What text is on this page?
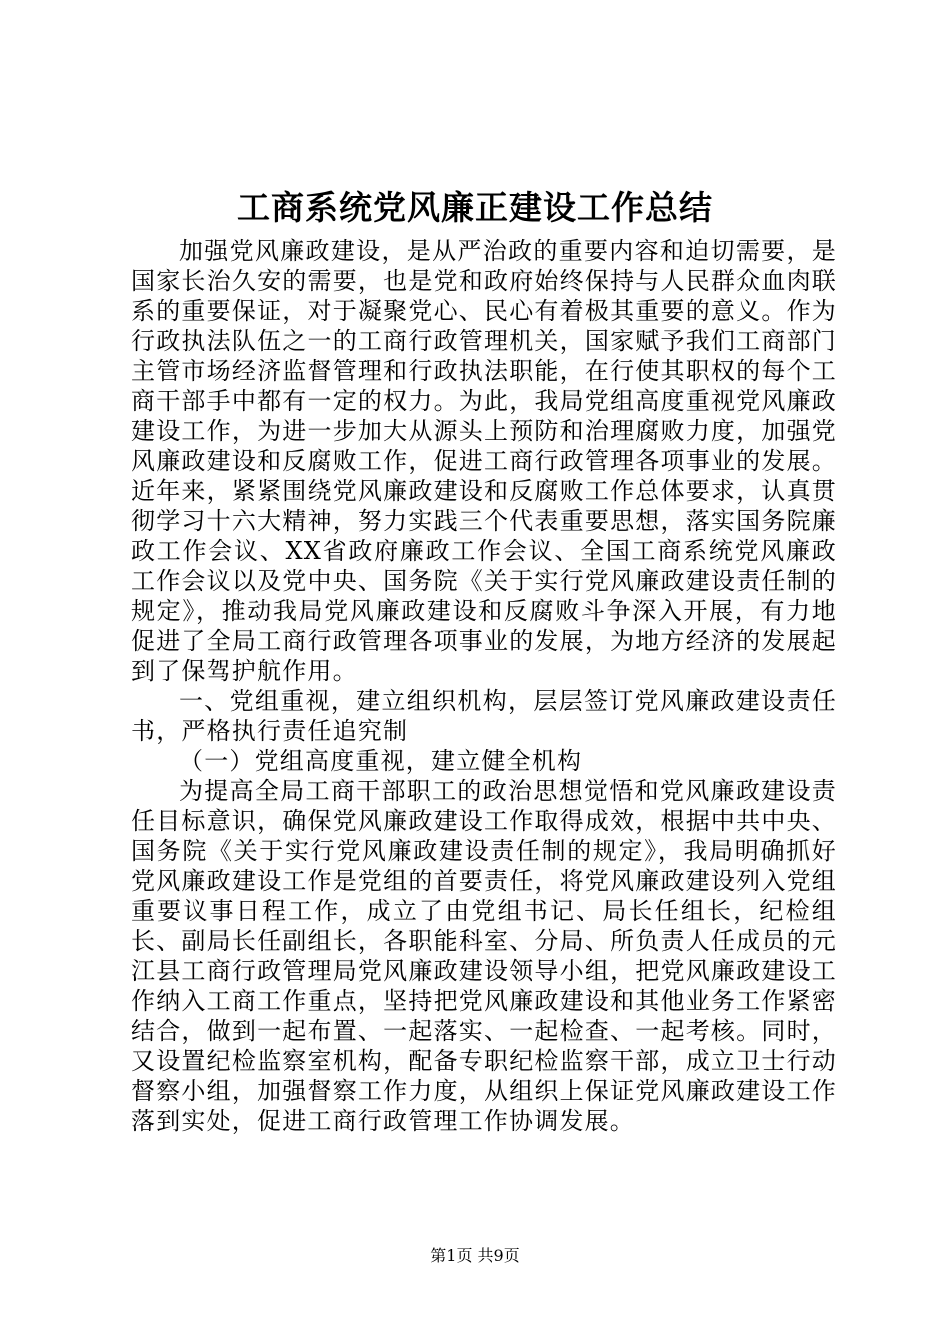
工商系统党风廉正建设工作总结

加强党风廉政建设，是从严治政的重要内容和迫切需要，是国家长治久安的需要，也是党和政府始终保持与人民群众血肉联系的重要保证，对于凝聚党心、民心有着极其重要的意义。作为行政执法队伍之一的工商行政管理机关，国家赋予我们工商部门主管市场经济监督管理和行政执法职能，在行使其职权的每个工商干部手中都有一定的权力。为此，我局党组高度重视党风廉政建设工作，为进一步加大从源头上预防和治理腐败力度，加强党风廉政建设和反腐败工作，促进工商行政管理各项事业的发展。近年来，紧紧围绕党风廉政建设和反腐败工作总体要求，认真贯彻学习十六大精神，努力实践三个代表重要思想，落实国务院廉政工作会议、XX省政府廉政工作会议、全国工商系统党风廉政工作会议以及党中央、国务院《关于实行党风廉政建设责任制的规定》，推动我局党风廉政建设和反腐败斗争深入开展，有力地促进了全局工商行政管理各项事业的发展，为地方经济的发展起到了保驾护航作用。

一、党组重视，建立组织机构，层层签订党风廉政建设责任书，严格执行责任追究制

（一）党组高度重视，建立健全机构

为提高全局工商干部职工的政治思想觉悟和党风廉政建设责任目标意识，确保党风廉政建设工作取得成效，根据中共中央、国务院《关于实行党风廉政建设责任制的规定》，我局明确抓好党风廉政建设工作是党组的首要责任，将党风廉政建设列入党组重要议事日程工作，成立了由党组书记、局长任组长，纪检组长、副局长任副组长，各职能科室、分局、所负责人任成员的元江县工商行政管理局党风廉政建设领导小组，把党风廉政建设工作纳入工商工作重点，坚持把党风廉政建设和其他业务工作紧密结合，做到一起布置、一起落实、一起检查、一起考核。同时，又设置纪检监察室机构，配备专职纪检监察干部，成立卫士行动督察小组，加强督察工作力度，从组织上保证党风廉政建设工作落到实处，促进工商行政管理工作协调发展。

第1页 共9页
